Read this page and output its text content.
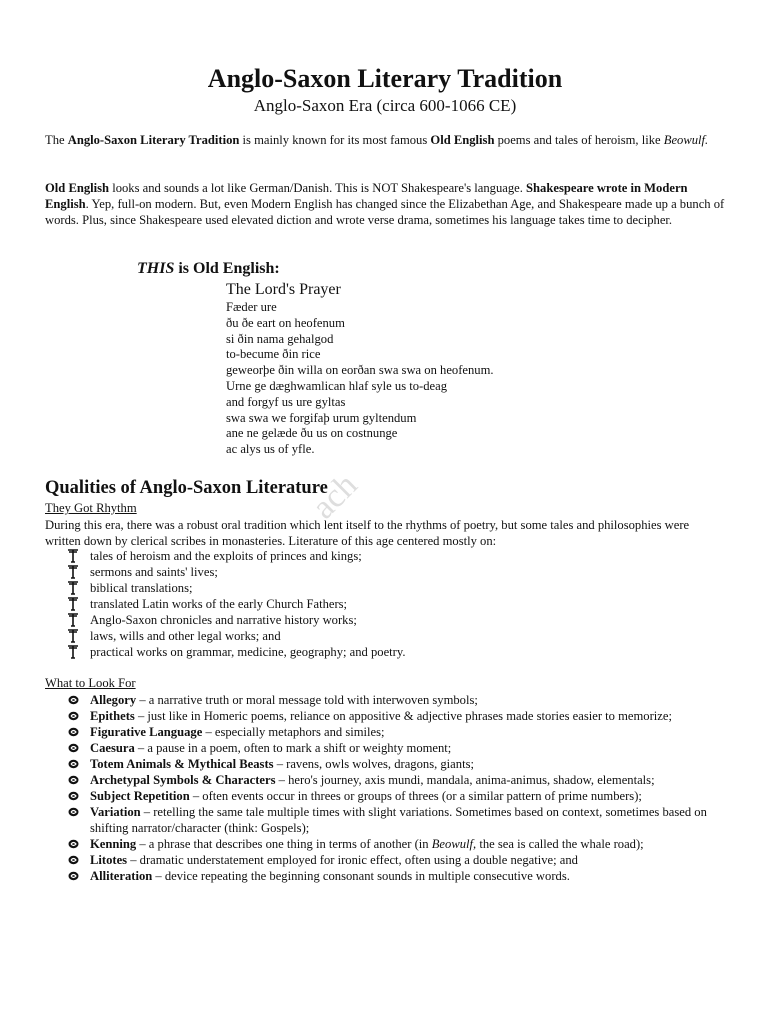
Anglo-Saxon Literary Tradition
Anglo-Saxon Era (circa 600-1066 CE)
The Anglo-Saxon Literary Tradition is mainly known for its most famous Old English poems and tales of heroism, like Beowulf.
Old English looks and sounds a lot like German/Danish. This is NOT Shakespeare's language. Shakespeare wrote in Modern English. Yep, full-on modern. But, even Modern English has changed since the Elizabethan Age, and Shakespeare made up a bunch of words. Plus, since Shakespeare used elevated diction and wrote verse drama, sometimes his language takes time to decipher.
THIS is Old English:
The Lord's Prayer
Fæder ure
ðu ðe eart on heofenum
si ðin nama gehalgod
to-becume ðin rice
geweorþe ðin willa on eorðan swa swa on heofenum.
Urne ge dæghwamlican hlaf syle us to-deag
and forgyf us ure gyltas
swa swa we forgifaþ urum gyltendum
ane ne gelæde ðu us on costnunge
ac alys us of yfle.
Qualities of Anglo-Saxon Literature
They Got Rhythm
During this era, there was a robust oral tradition which lent itself to the rhythms of poetry, but some tales and philosophies were written down by clerical scribes in monasteries. Literature of this age centered mostly on:
tales of heroism and the exploits of princes and kings;
sermons and saints' lives;
biblical translations;
translated Latin works of the early Church Fathers;
Anglo-Saxon chronicles and narrative history works;
laws, wills and other legal works; and
practical works on grammar, medicine, geography; and poetry.
What to Look For
Allegory – a narrative truth or moral message told with interwoven symbols;
Epithets – just like in Homeric poems, reliance on appositive & adjective phrases made stories easier to memorize;
Figurative Language – especially metaphors and similes;
Caesura – a pause in a poem, often to mark a shift or weighty moment;
Totem Animals & Mythical Beasts – ravens, owls wolves, dragons, giants;
Archetypal Symbols & Characters – hero's journey, axis mundi, mandala, anima-animus, shadow, elementals;
Subject Repetition – often events occur in threes or groups of threes (or a similar pattern of prime numbers);
Variation – retelling the same tale multiple times with slight variations. Sometimes based on context, sometimes based on shifting narrator/character (think: Gospels);
Kenning – a phrase that describes one thing in terms of another (in Beowulf, the sea is called the whale road);
Litotes – dramatic understatement employed for ironic effect, often using a double negative; and
Alliteration – device repeating the beginning consonant sounds in multiple consecutive words.
ach
